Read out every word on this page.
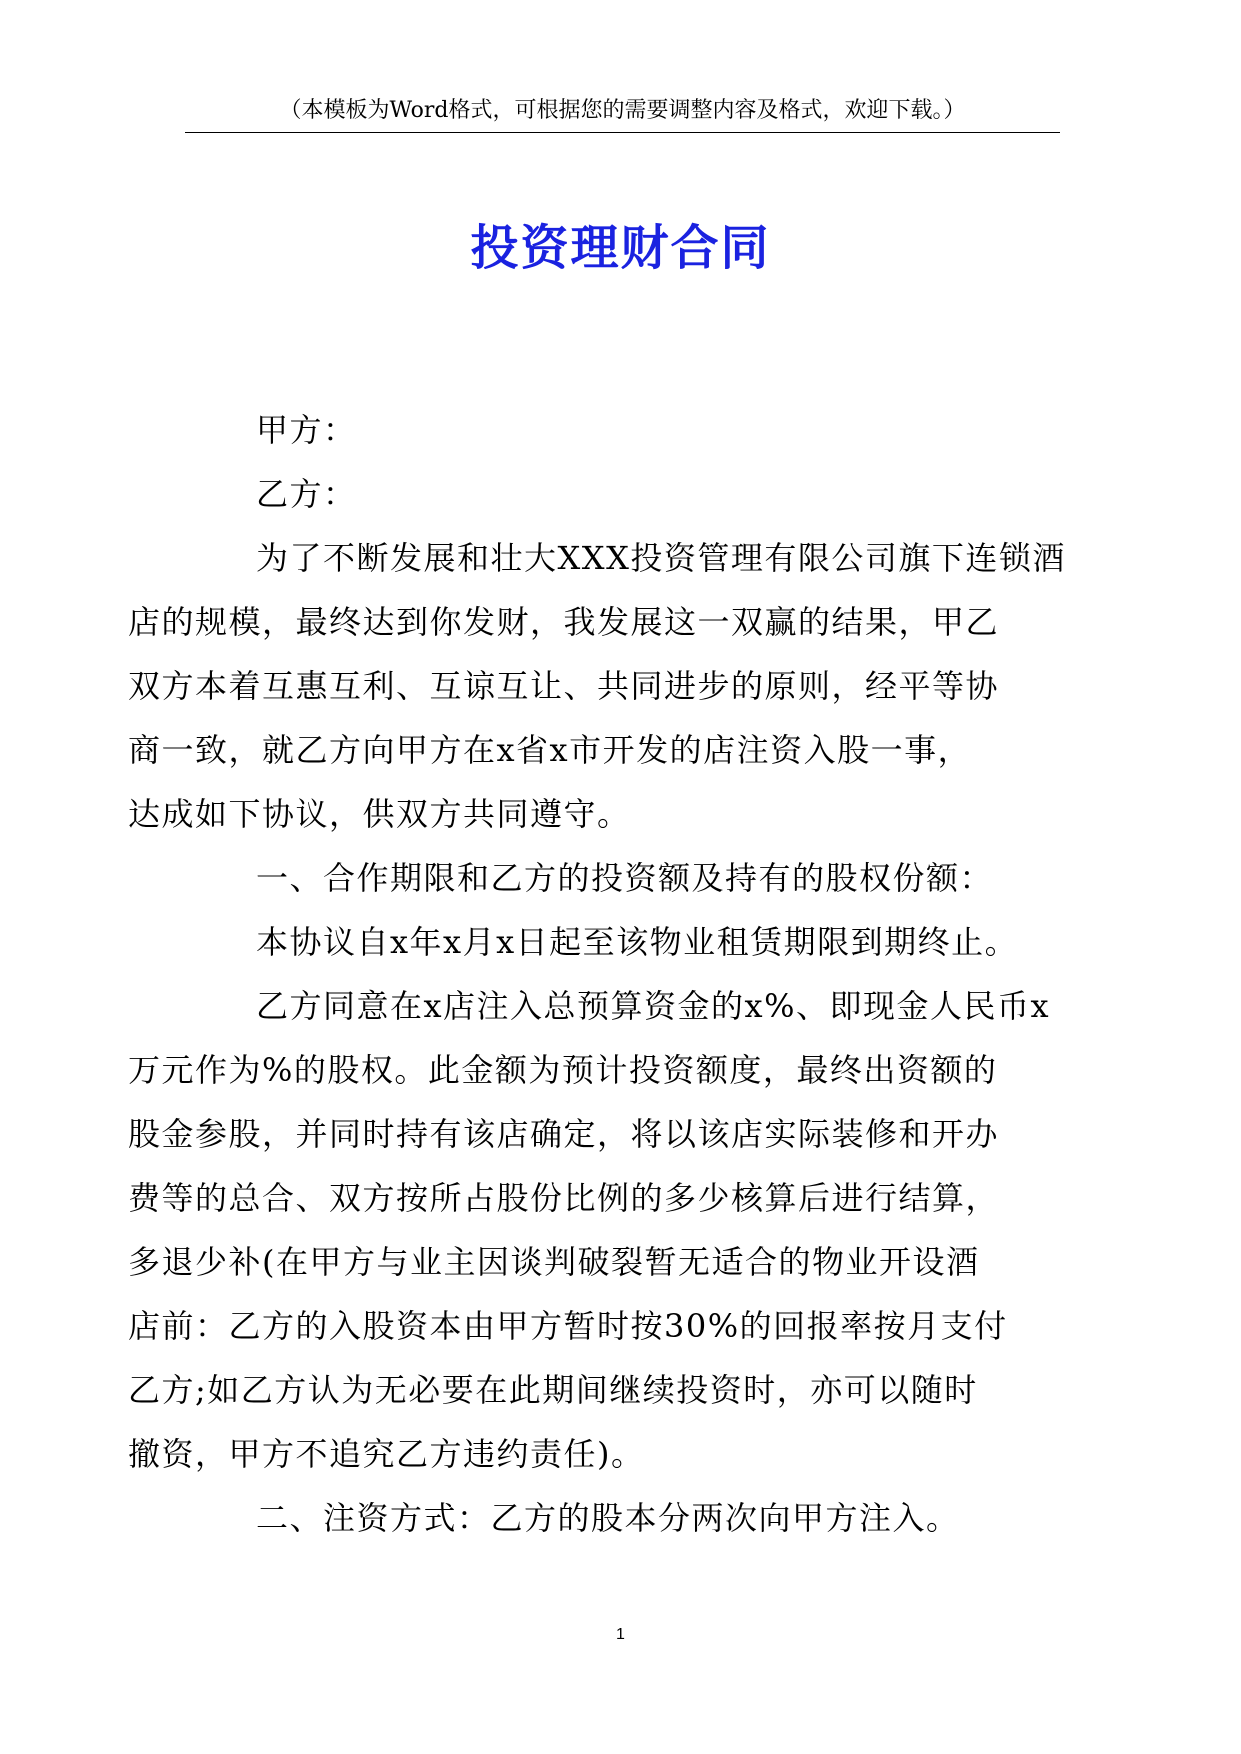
（本模板为Word格式，可根据您的需要调整内容及格式，欢迎下载。）
投资理财合同

甲方：

乙方：

为了不断发展和壮大XXX投资管理有限公司旗下连锁酒
店的规模，最终达到你发财，我发展这一双赢的结果，甲乙
双方本着互惠互利、互谅互让、共同进步的原则，经平等协
商一致，就乙方向甲方在x省x市开发的店注资入股一事，
达成如下协议，供双方共同遵守。

一、合作期限和乙方的投资额及持有的股权份额：

本协议自x年x月x日起至该物业租赁期限到期终止。

乙方同意在x店注入总预算资金的x%、即现金人民币x
万元作为%的股权。此金额为预计投资额度，最终出资额的
股金参股，并同时持有该店确定，将以该店实际装修和开办
费等的总合、双方按所占股份比例的多少核算后进行结算，
多退少补(在甲方与业主因谈判破裂暂无适合的物业开设酒
店前：乙方的入股资本由甲方暂时按30%的回报率按月支付
乙方;如乙方认为无必要在此期间继续投资时，亦可以随时
撤资，甲方不追究乙方违约责任)。

二、注资方式：乙方的股本分两次向甲方注入。

1
